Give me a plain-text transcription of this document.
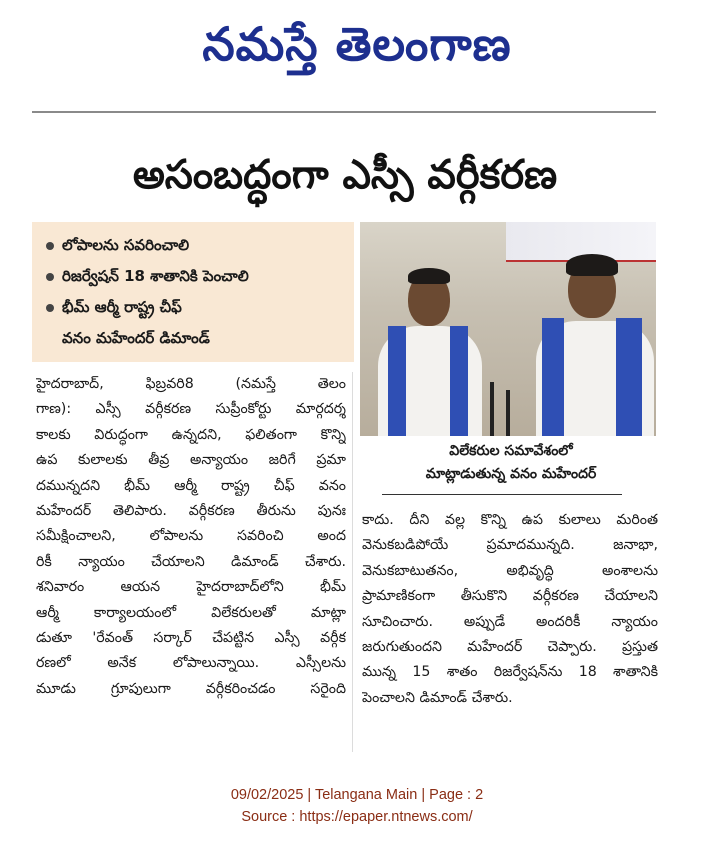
నమస్తే తెలంగాణ
అసంబద్ధంగా ఎస్సీ వర్గీకరణ
లోపాలను సవరించాలి
రిజర్వేషన్ 18 శాతానికి పెంచాలి
భీమ్ ఆర్మీ రాష్ట్ర చీఫ్
వనం మహేందర్ డిమాండ్
విలేకరుల సమావేశంలో
మాట్లాడుతున్న వనం మహేందర్

హైదరాబాద్, ఫిబ్రవరి8 (నమస్తే తెలం
గాణ): ఎస్సీ వర్గీకరణ సుప్రీంకోర్టు మార్గదర్శ
కాలకు విరుద్ధంగా ఉన్నదని, ఫలితంగా కొన్ని
ఉప కులాలకు తీవ్ర అన్యాయం జరిగే ప్రమా
దమున్నదని భీమ్ ఆర్మీ రాష్ట్ర చీఫ్ వనం
మహేందర్ తెలిపారు. వర్గీకరణ తీరును పునః
సమీక్షించాలని, లోపాలను సవరించి అంద
రికీ న్యాయం చేయాలని డిమాండ్ చేశారు.
శనివారం ఆయన హైదరాబాద్‌లోని భీమ్
ఆర్మీ కార్యాలయంలో విలేకరులతో మాట్లా
డుతూ 'రేవంత్ సర్కార్ చేపట్టిన ఎస్సీ వర్గీక
రణలో అనేక లోపాలున్నాయి. ఎస్సీలను
మూడు గ్రూపులుగా వర్గీకరించడం సరైంది

కాదు. దీని వల్ల కొన్ని ఉప కులాలు మరింత
వెనుకబడిపోయే ప్రమాదమున్నది. జనాభా,
వెనుకబాటుతనం, అభివృద్ధి అంశాలను
ప్రామాణికంగా తీసుకొని వర్గీకరణ చేయాలని
సూచించారు. అప్పుడే అందరికీ న్యాయం
జరుగుతుందని మహేందర్ చెప్పారు. ప్రస్తుత
మున్న 15 శాతం రిజర్వేషన్‌ను 18 శాతానికి
పెంచాలని డిమాండ్ చేశారు.

09/02/2025 | Telangana Main | Page : 2
Source : https://epaper.ntnews.com/
